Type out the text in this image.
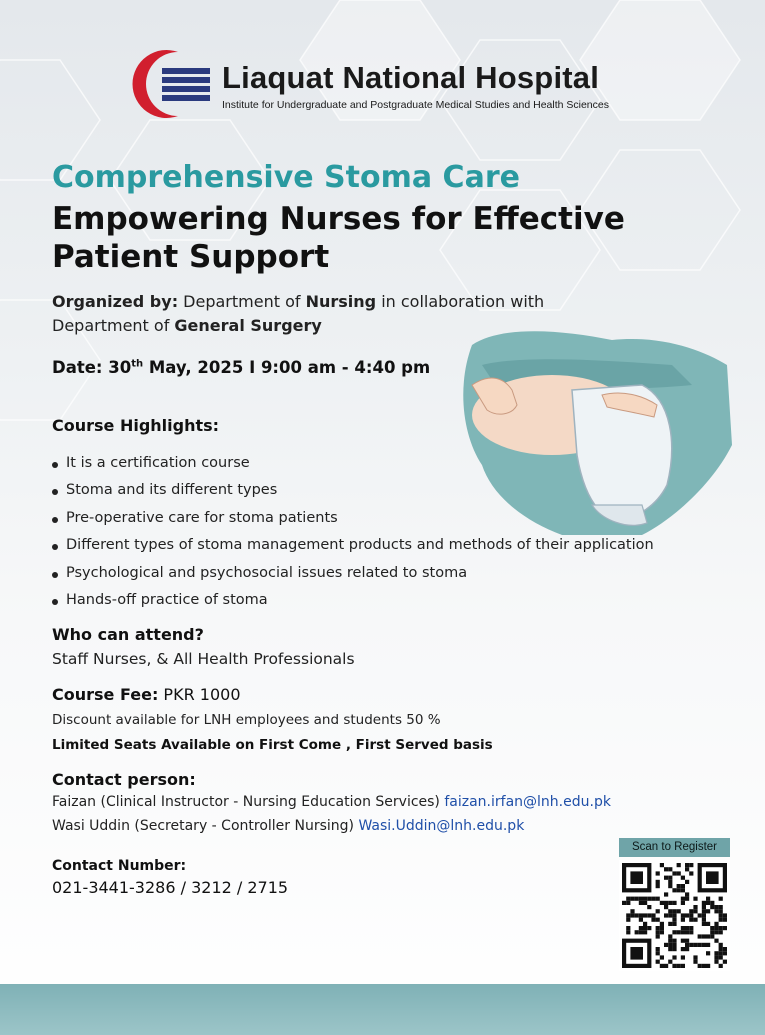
Liaquat National Hospital
Institute for Undergraduate and Postgraduate Medical Studies and Health Sciences
Comprehensive Stoma Care
Empowering Nurses for Effective Patient Support
Organized by: Department of Nursing in collaboration with Department of General Surgery
Date: 30th May, 2025 I 9:00 am - 4:40 pm
Course Highlights:
It is a certification course
Stoma and its different types
Pre-operative care for stoma patients
Different types of stoma management products and methods of their application
Psychological and psychosocial issues related to stoma
Hands-off practice of stoma
Who can attend?
Staff Nurses, & All Health Professionals
Course Fee: PKR 1000
Discount available for LNH employees and students 50 %
Limited Seats Available on First Come , First Served basis
Contact person:
Faizan (Clinical Instructor - Nursing Education Services) faizan.irfan@lnh.edu.pk
Wasi Uddin (Secretary - Controller Nursing) Wasi.Uddin@lnh.edu.pk
Contact Number:
021-3441-3286 / 3212 / 2715
Scan to Register
